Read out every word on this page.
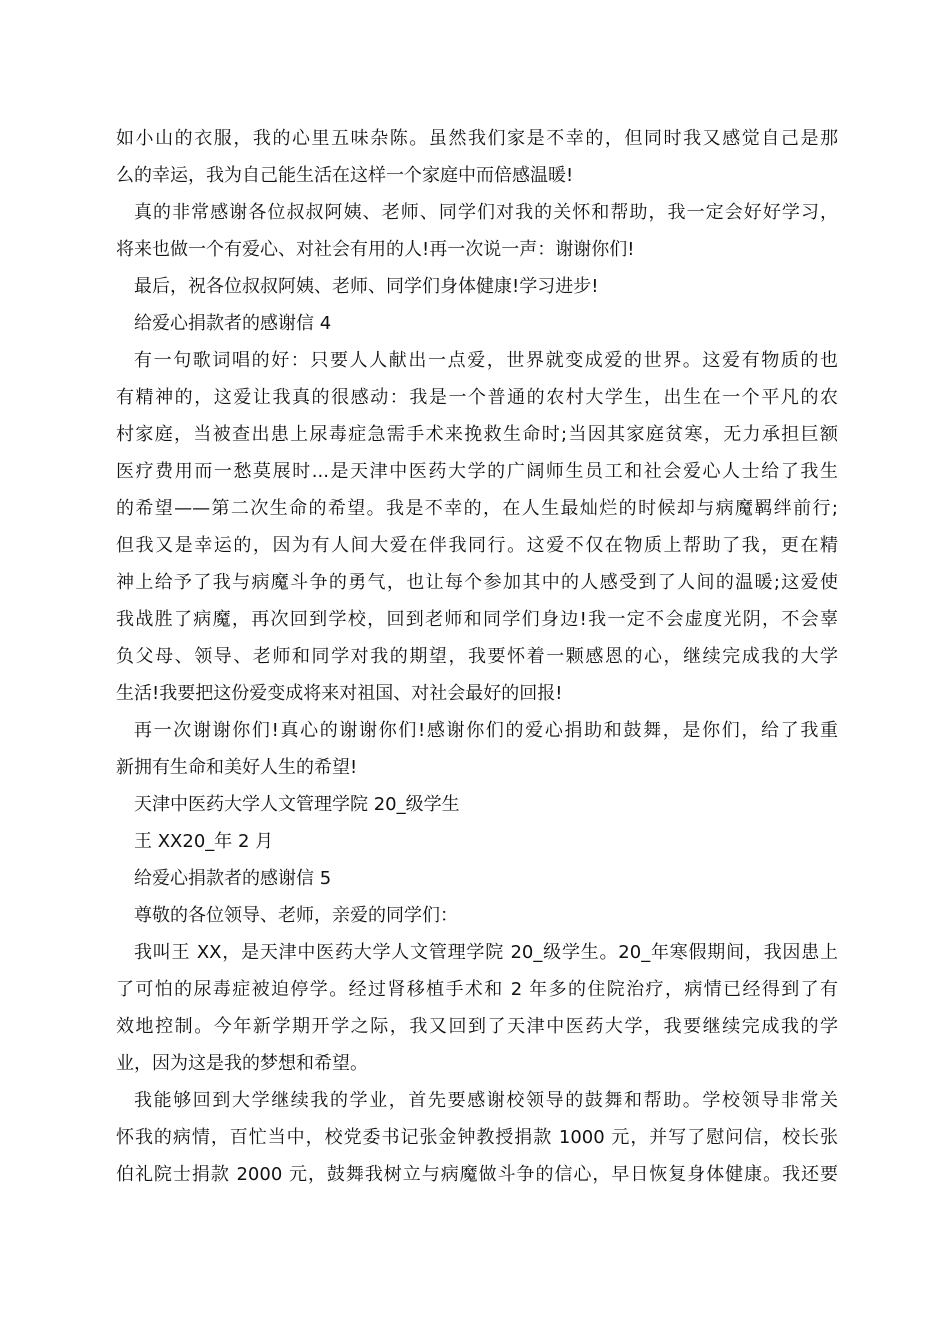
如小山的衣服，我的心里五味杂陈。虽然我们家是不幸的，但同时我又感觉自己是那
么的幸运，我为自己能生活在这样一个家庭中而倍感温暖!
真的非常感谢各位叔叔阿姨、老师、同学们对我的关怀和帮助，我一定会好好学习，
将来也做一个有爱心、对社会有用的人!再一次说一声：谢谢你们!
最后，祝各位叔叔阿姨、老师、同学们身体健康!学习进步!
给爱心捐款者的感谢信 4
有一句歌词唱的好：只要人人献出一点爱，世界就变成爱的世界。这爱有物质的也
有精神的，这爱让我真的很感动：我是一个普通的农村大学生，出生在一个平凡的农
村家庭，当被查出患上尿毒症急需手术来挽救生命时;当因其家庭贫寒，无力承担巨额
医疗费用而一愁莫展时...是天津中医药大学的广阔师生员工和社会爱心人士给了我生
的希望——第二次生命的希望。我是不幸的，在人生最灿烂的时候却与病魔羁绊前行;
但我又是幸运的，因为有人间大爱在伴我同行。这爱不仅在物质上帮助了我，更在精
神上给予了我与病魔斗争的勇气，也让每个参加其中的人感受到了人间的温暖;这爱使
我战胜了病魔，再次回到学校，回到老师和同学们身边!我一定不会虚度光阴，不会辜
负父母、领导、老师和同学对我的期望，我要怀着一颗感恩的心，继续完成我的大学
生活!我要把这份爱变成将来对祖国、对社会最好的回报!
再一次谢谢你们!真心的谢谢你们!感谢你们的爱心捐助和鼓舞，是你们，给了我重
新拥有生命和美好人生的希望!
天津中医药大学人文管理学院 20_级学生
王 XX20_年 2 月
给爱心捐款者的感谢信 5
尊敬的各位领导、老师，亲爱的同学们：
我叫王 XX，是天津中医药大学人文管理学院 20_级学生。20_年寒假期间，我因患上
了可怕的尿毒症被迫停学。经过肾移植手术和 2 年多的住院治疗，病情已经得到了有
效地控制。今年新学期开学之际，我又回到了天津中医药大学，我要继续完成我的学
业，因为这是我的梦想和希望。
我能够回到大学继续我的学业，首先要感谢校领导的鼓舞和帮助。学校领导非常关
怀我的病情，百忙当中，校党委书记张金钟教授捐款 1000 元，并写了慰问信，校长张
伯礼院士捐款 2000 元，鼓舞我树立与病魔做斗争的信心，早日恢复身体健康。我还要
